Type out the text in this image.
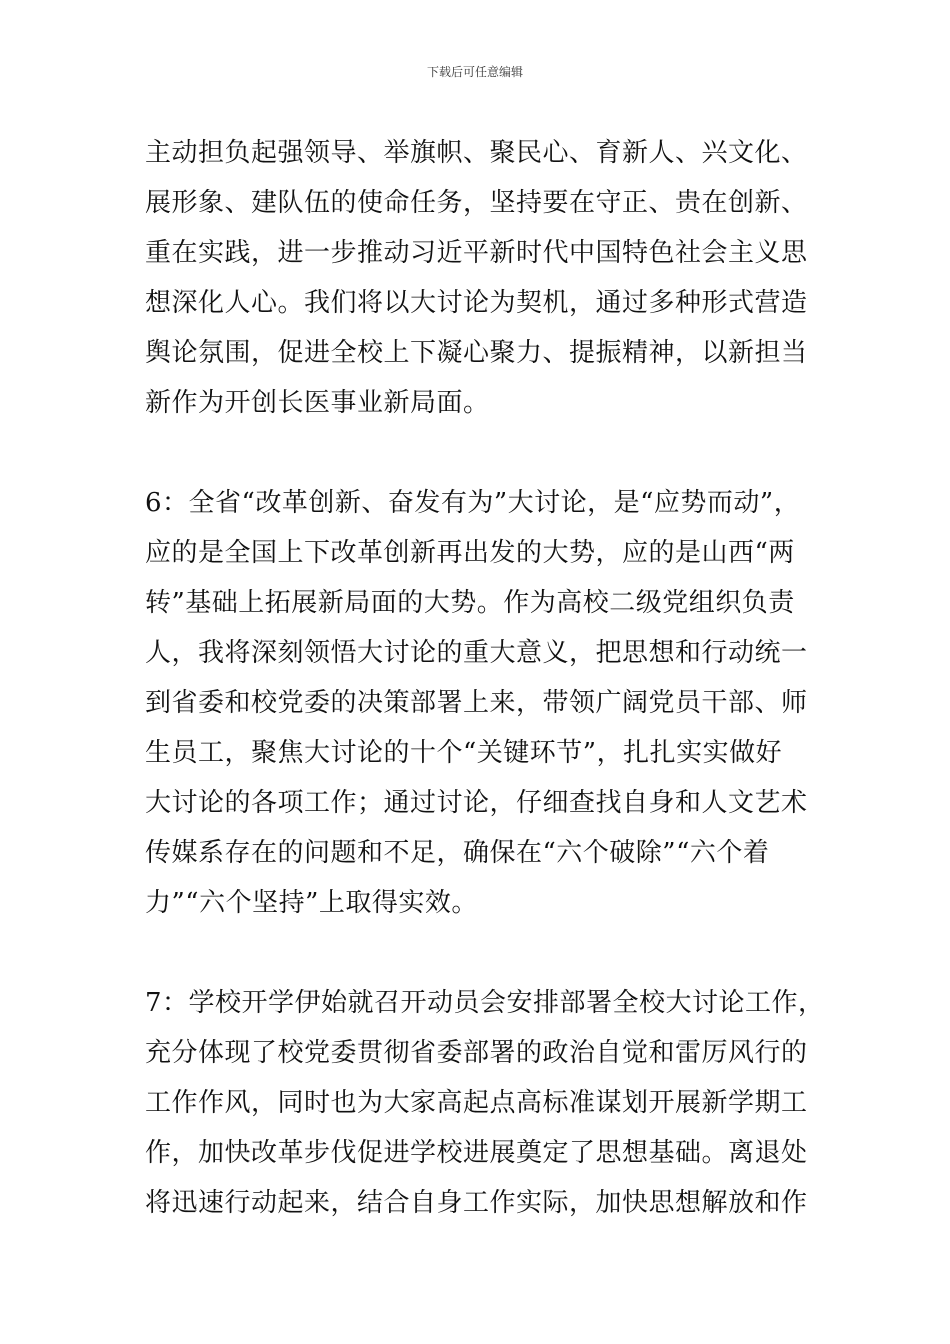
下载后可任意编辑
主动担负起强领导、举旗帜、聚民心、育新人、兴文化、
展形象、建队伍的使命任务，坚持要在守正、贵在创新、
重在实践，进一步推动习近平新时代中国特色社会主义思
想深化人心。我们将以大讨论为契机，通过多种形式营造
舆论氛围，促进全校上下凝心聚力、提振精神，以新担当
新作为开创长医事业新局面。
6：全省“改革创新、奋发有为”大讨论，是“应势而动”，
应的是全国上下改革创新再出发的大势，应的是山西“两
转”基础上拓展新局面的大势。作为高校二级党组织负责
人，我将深刻领悟大讨论的重大意义，把思想和行动统一
到省委和校党委的决策部署上来，带领广阔党员干部、师
生员工，聚焦大讨论的十个“关键环节”，扎扎实实做好
大讨论的各项工作；通过讨论，仔细查找自身和人文艺术
传媒系存在的问题和不足，确保在“六个破除”“六个着
力”“六个坚持”上取得实效。
7：学校开学伊始就召开动员会安排部署全校大讨论工作，
充分体现了校党委贯彻省委部署的政治自觉和雷厉风行的
工作作风，同时也为大家高起点高标准谋划开展新学期工
作，加快改革步伐促进学校进展奠定了思想基础。离退处
将迅速行动起来，结合自身工作实际，加快思想解放和作
